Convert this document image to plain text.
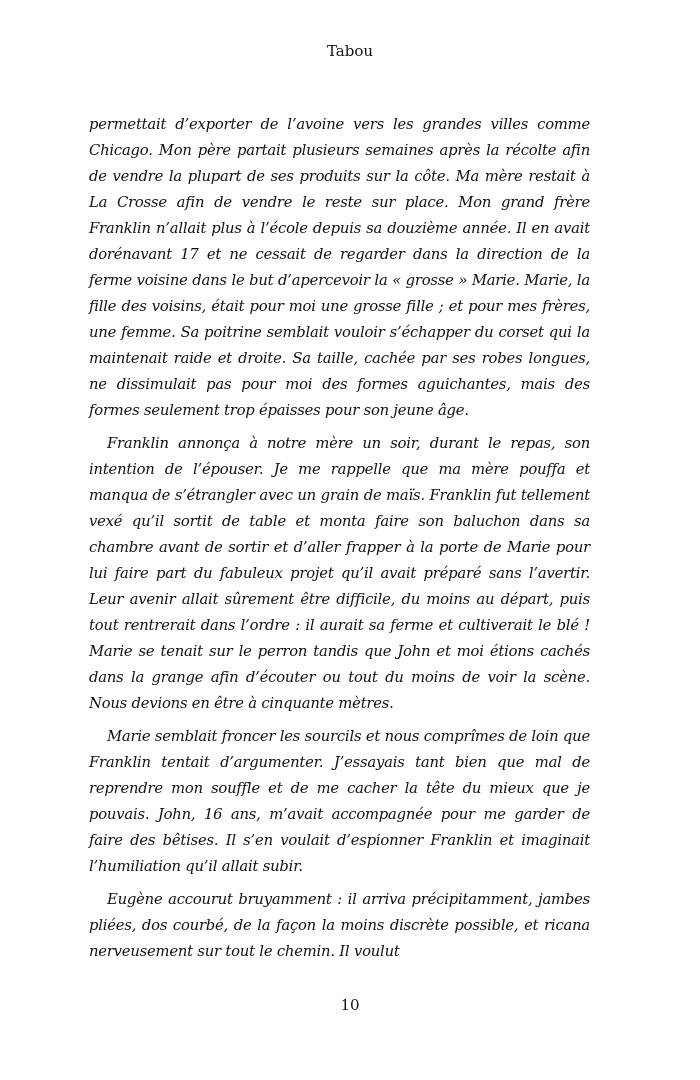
Tabou

permettait d’exporter de l’avoine vers les grandes villes comme Chicago. Mon père partait plusieurs semaines après la récolte afin de vendre la plupart de ses produits sur la côte. Ma mère restait à La Crosse afin de vendre le reste sur place. Mon grand frère Franklin n’allait plus à l’école depuis sa douzième année. Il en avait dorénavant 17 et ne cessait de regarder dans la direction de la ferme voisine dans le but d’apercevoir la « grosse » Marie. Marie, la fille des voisins, était pour moi une grosse fille ; et pour mes frères, une femme. Sa poitrine semblait vouloir s’échapper du corset qui la maintenait raide et droite. Sa taille, cachée par ses robes longues, ne dissimulait pas pour moi des formes aguichantes, mais des formes seulement trop épaisses pour son jeune âge.

Franklin annonça à notre mère un soir, durant le repas, son intention de l’épouser. Je me rappelle que ma mère pouffa et manqua de s’étrangler avec un grain de maïs. Franklin fut tellement vexé qu’il sortit de table et monta faire son baluchon dans sa chambre avant de sortir et d’aller frapper à la porte de Marie pour lui faire part du fabuleux projet qu’il avait préparé sans l’avertir. Leur avenir allait sûrement être difficile, du moins au départ, puis tout rentrerait dans l’ordre : il aurait sa ferme et cultiverait le blé ! Marie se tenait sur le perron tandis que John et moi étions cachés dans la grange afin d’écouter ou tout du moins de voir la scène. Nous devions en être à cinquante mètres.

Marie semblait froncer les sourcils et nous comprîmes de loin que Franklin tentait d’argumenter. J’essayais tant bien que mal de reprendre mon souffle et de me cacher la tête du mieux que je pouvais. John, 16 ans, m’avait accompagnée pour me garder de faire des bêtises. Il s’en voulait d’espionner Franklin et imaginait l’humiliation qu’il allait subir.

Eugène accourut bruyamment : il arriva précipitamment, jambes pliées, dos courbé, de la façon la moins discrète possible, et ricana nerveusement sur tout le chemin. Il voulut

10
